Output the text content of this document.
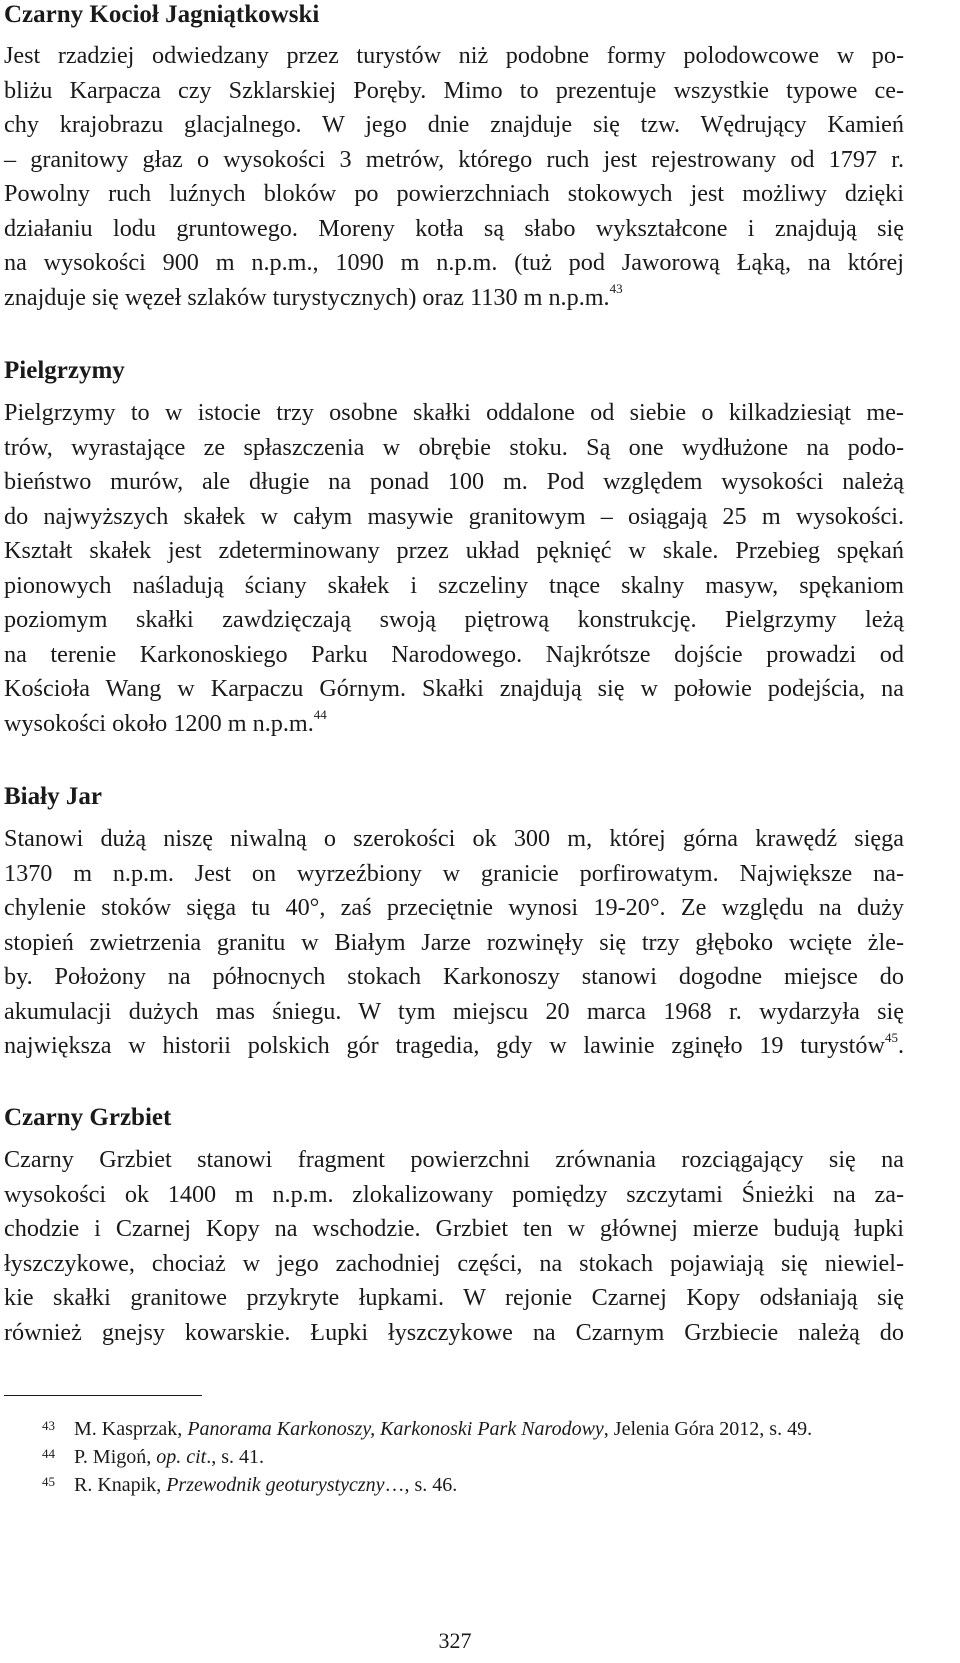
Czarny Kocioł Jagniątkowski
Jest rzadziej odwiedzany przez turystów niż podobne formy polodowcowe w po-
bliżu Karpacza czy Szklarskiej Poręby. Mimo to prezentuje wszystkie typowe ce-
chy krajobrazu glacjalnego. W jego dnie znajduje się tzw. Wędrujący Kamień
– granitowy głaz o wysokości 3 metrów, którego ruch jest rejestrowany od 1797 r.
Powolny ruch luźnych bloków po powierzchniach stokowych jest możliwy dzięki
działaniu lodu gruntowego. Moreny kotła są słabo wykształcone i znajdują się
na wysokości 900 m n.p.m., 1090 m n.p.m. (tuż pod Jaworową Łąką, na której
znajduje się węzeł szlaków turystycznych) oraz 1130 m n.p.m.$^{43}$
Pielgrzymy
Pielgrzymy to w istocie trzy osobne skałki oddalone od siebie o kilkadziesiąt me-
trów, wyrastające ze spłaszczenia w obrębie stoku. Są one wydłużone na podo-
bieństwo murów, ale długie na ponad 100 m. Pod względem wysokości należą
do najwyższych skałek w całym masywie granitowym – osiągają 25 m wysokości.
Kształt skałek jest zdeterminowany przez układ pęknięć w skale. Przebieg spękań
pionowych naśladują ściany skałek i szczeliny tnące skalny masyw, spękaniom
poziomym skałki zawdzięczają swoją piętrową konstrukcję. Pielgrzymy leżą
na terenie Karkonoskiego Parku Narodowego. Najkrótsze dojście prowadzi od
Kościoła Wang w Karpaczu Górnym. Skałki znajdują się w połowie podejścia, na
wysokości około 1200 m n.p.m.$^{44}$
Biały Jar
Stanowi dużą niszę niwalną o szerokości ok 300 m, której górna krawędź sięga
1370 m n.p.m. Jest on wyrzeźbiony w granicie porfirowatym. Największe na-
chylenie stoków sięga tu 40°, zaś przeciętnie wynosi 19-20°. Ze względu na duży
stopień zwietrzenia granitu w Białym Jarze rozwinęły się trzy głęboko wcięte żle-
by. Położony na północnych stokach Karkonoszy stanowi dogodne miejsce do
akumulacji dużych mas śniegu. W tym miejscu 20 marca 1968 r. wydarzyła się
największa w historii polskich gór tragedia, gdy w lawinie zginęło 19 turystów$^{45}$.
Czarny Grzbiet
Czarny Grzbiet stanowi fragment powierzchni zrównania rozciągający się na
wysokości ok 1400 m n.p.m. zlokalizowany pomiędzy szczytami Śnieżki na za-
chodzie i Czarnej Kopy na wschodzie. Grzbiet ten w głównej mierze budują łupki
łyszczykowe, chociaż w jego zachodniej części, na stokach pojawiają się niewiel-
kie skałki granitowe przykryte łupkami. W rejonie Czarnej Kopy odsłaniają się
również gnejsy kowarskie. Łupki łyszczykowe na Czarnym Grzbiecie należą do
43 M. Kasprzak, Panorama Karkonoszy, Karkonoski Park Narodowy, Jelenia Góra 2012, s. 49.
44 P. Migoń, op. cit., s. 41.
45 R. Knapik, Przewodnik geoturystyczny…, s. 46.
327
